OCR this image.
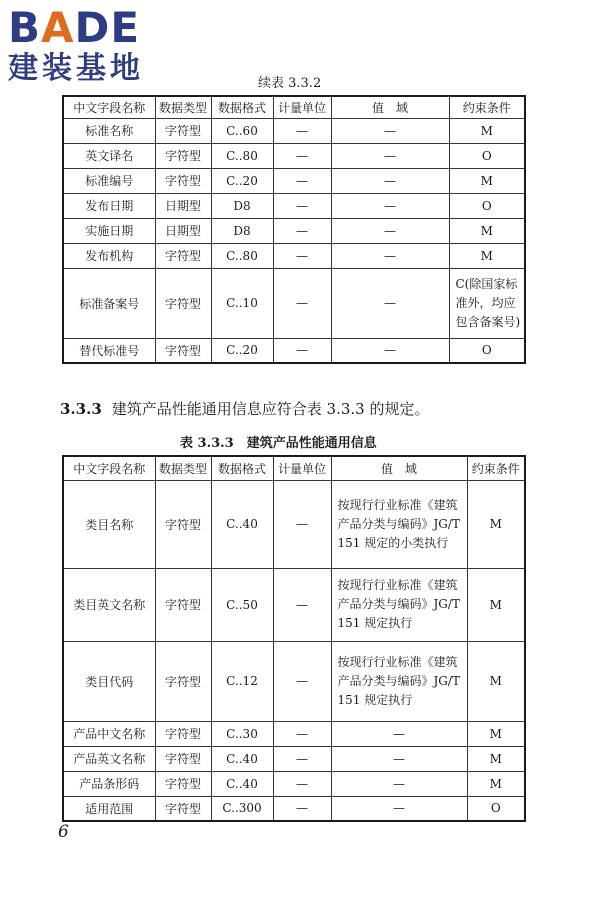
BADE
建装基地	续表 3.3.2
中文字段名称	数据类型	数据格式	计量单位	值　域	约束条件
标准名称	字符型	C..60	—	—	M
英文译名	字符型	C..80	—	—	O
标准编号	字符型	C..20	—	—	M
发布日期	日期型	D8	—	—	O
实施日期	日期型	D8	—	—	M
发布机构	字符型	C..80	—	—	M
标准备案号	字符型	C..10	—	—	C(除国家标准外，均应包含备案号)
替代标准号	字符型	C..20	—	—	O
3.3.3 建筑产品性能通用信息应符合表 3.3.3 的规定。
表 3.3.3　建筑产品性能通用信息
中文字段名称	数据类型	数据格式	计量单位	值　域	约束条件
类目名称	字符型	C..40	—	按现行行业标准《建筑产品分类与编码》JG/T 151 规定的小类执行	M
类目英文名称	字符型	C..50	—	按现行行业标准《建筑产品分类与编码》JG/T 151 规定执行	M
类目代码	字符型	C..12	—	按现行行业标准《建筑产品分类与编码》JG/T 151 规定执行	M
产品中文名称	字符型	C..30	—	—	M
产品英文名称	字符型	C..40	—	—	M
产品条形码	字符型	C..40	—	—	M
适用范围	字符型	C..300	—	—	O
6
